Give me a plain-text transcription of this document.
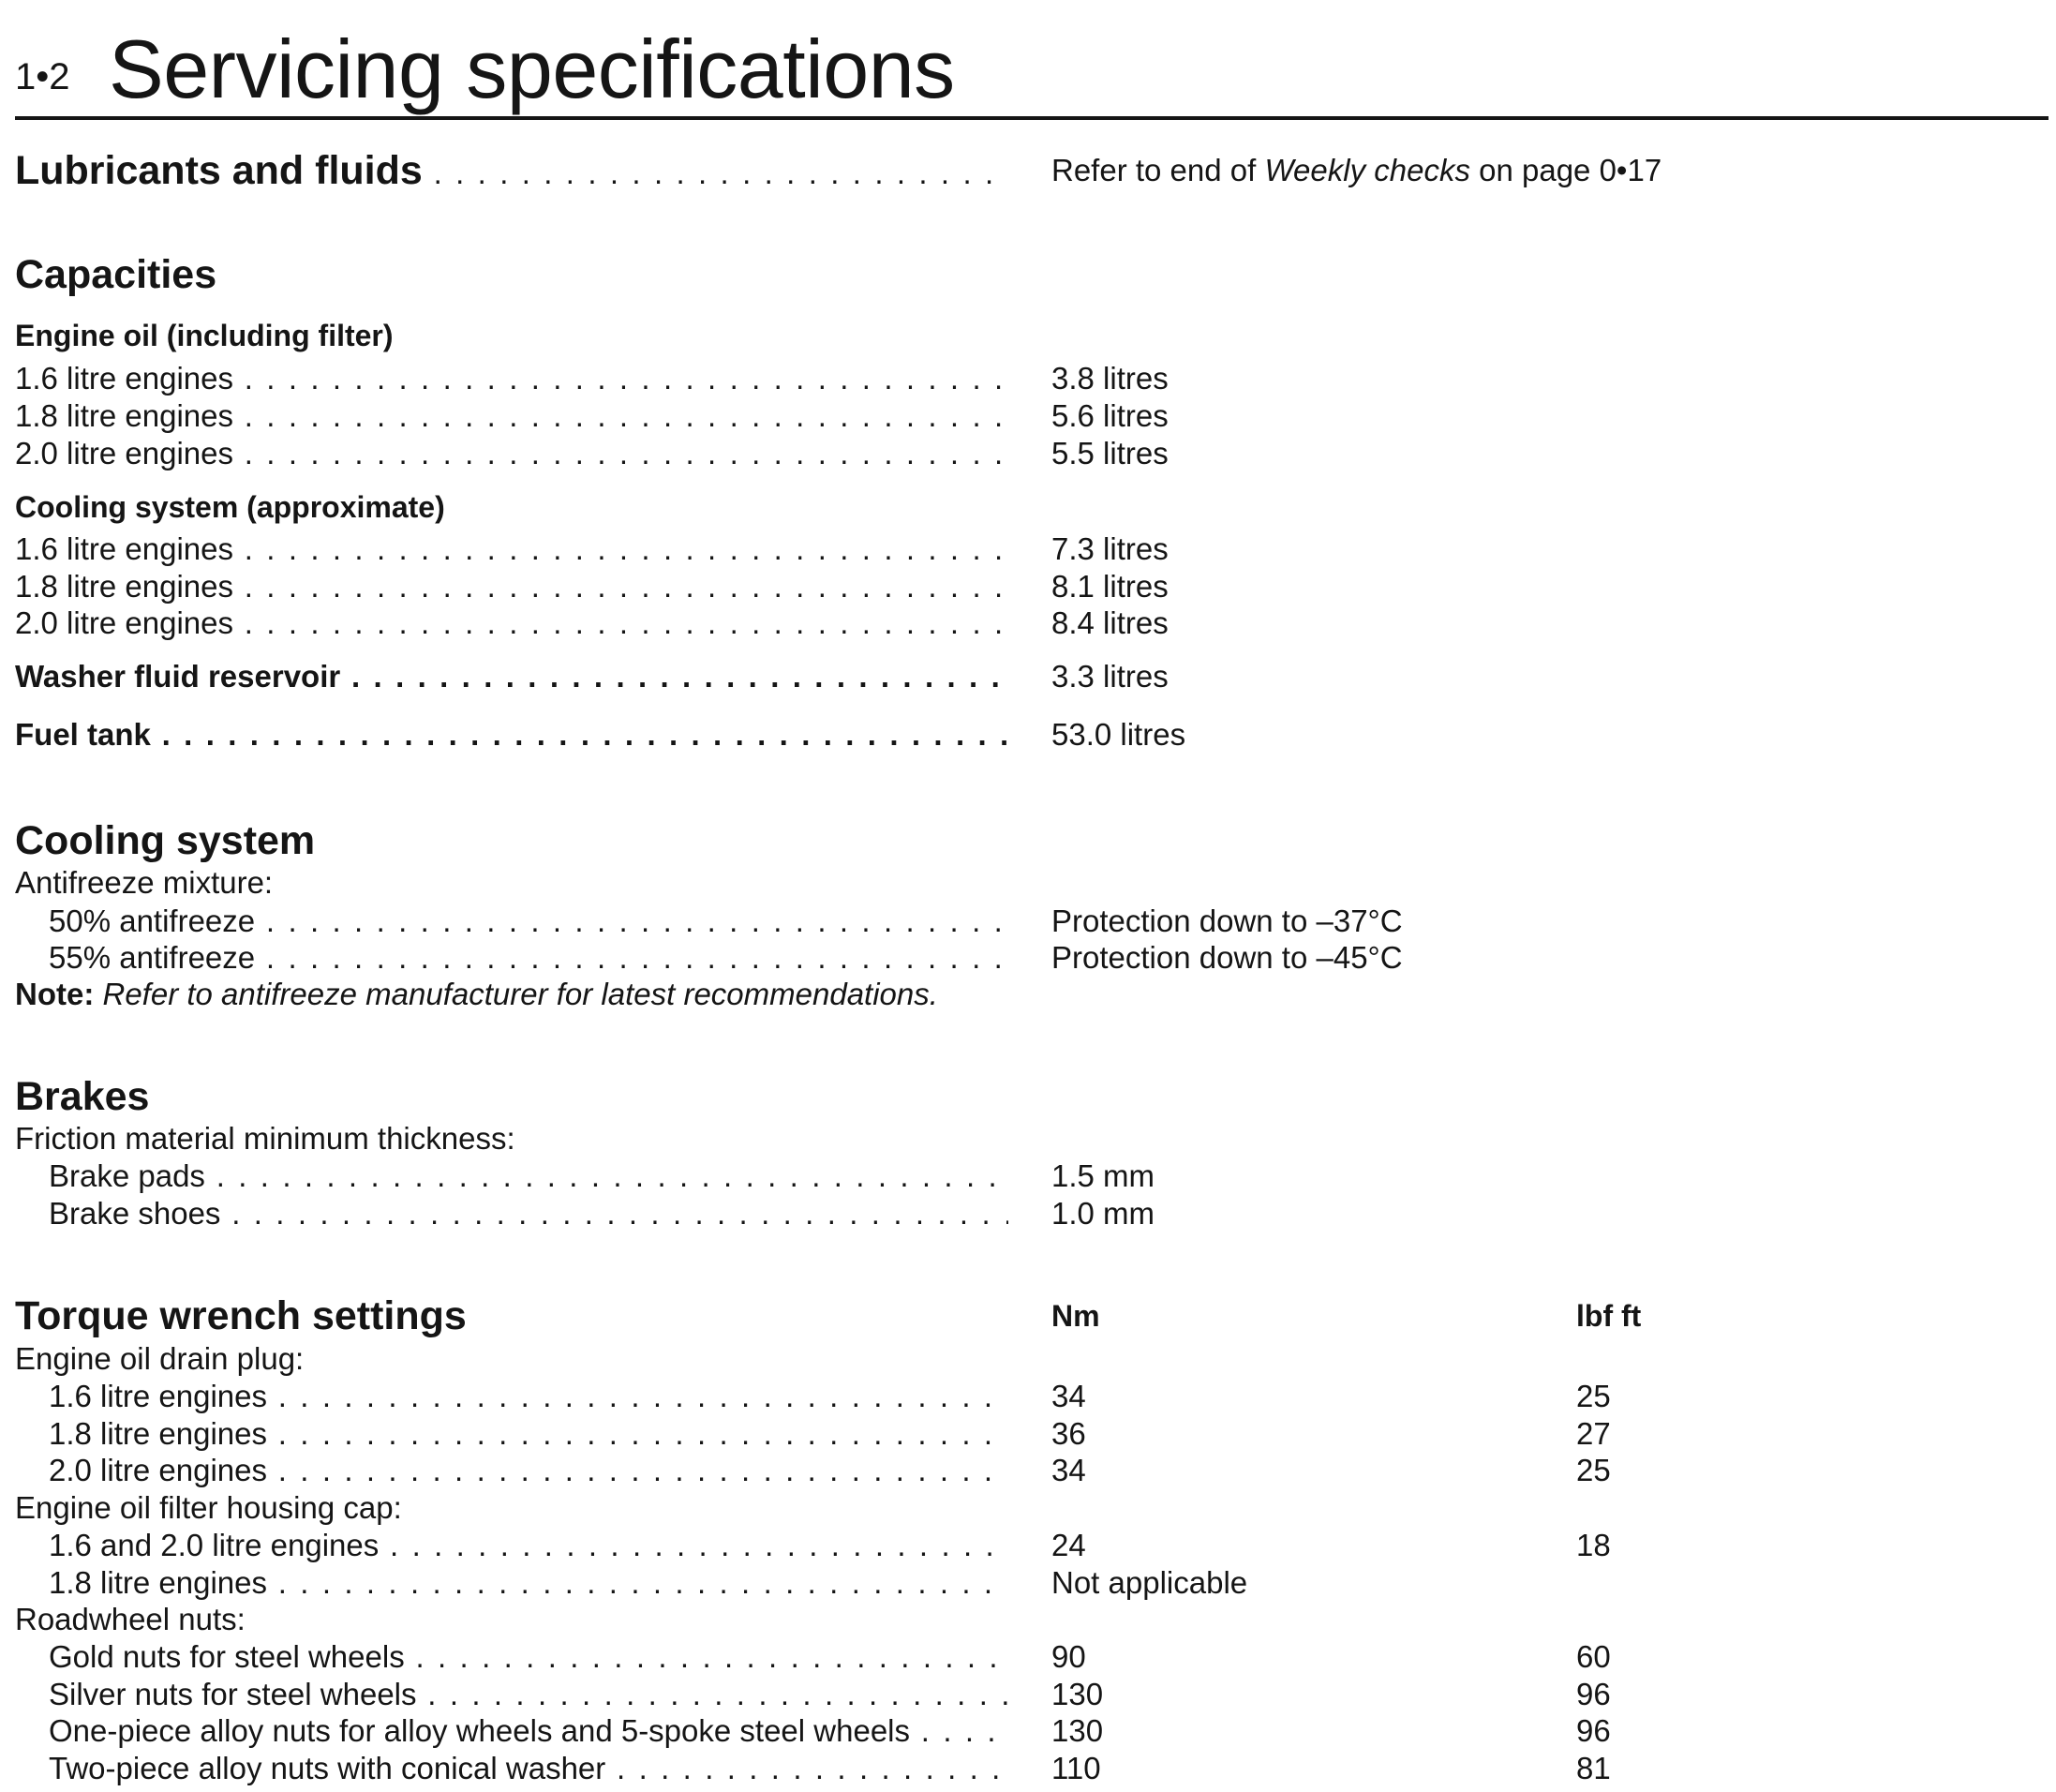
1•2 Servicing specifications
Lubricants and fluids . . .	Refer to end of Weekly checks on page 0•17
Capacities
Engine oil (including filter)
1.6 litre engines . . .	3.8 litres
1.8 litre engines . . .	5.6 litres
2.0 litre engines . . .	5.5 litres
Cooling system (approximate)
1.6 litre engines . . .	7.3 litres
1.8 litre engines . . .	8.1 litres
2.0 litre engines . . .	8.4 litres
Washer fluid reservoir . . .	3.3 litres
Fuel tank . . .	53.0 litres
Cooling system
Antifreeze mixture:
50% antifreeze . . .	Protection down to –37°C
55% antifreeze . . .	Protection down to –45°C
Note: Refer to antifreeze manufacturer for latest recommendations.
Brakes
Friction material minimum thickness:
Brake pads . . .	1.5 mm
Brake shoes . . .	1.0 mm
Torque wrench settings	Nm	lbf ft
Engine oil drain plug:
1.6 litre engines . . .	34	25
1.8 litre engines . . .	36	27
2.0 litre engines . . .	34	25
Engine oil filter housing cap:
1.6 and 2.0 litre engines . . .	24	18
1.8 litre engines . . .	Not applicable
Roadwheel nuts:
Gold nuts for steel wheels . . .	90	60
Silver nuts for steel wheels . . .	130	96
One-piece alloy nuts for alloy wheels and 5-spoke steel wheels . . .	130	96
Two-piece alloy nuts with conical washer . . .	110	81
